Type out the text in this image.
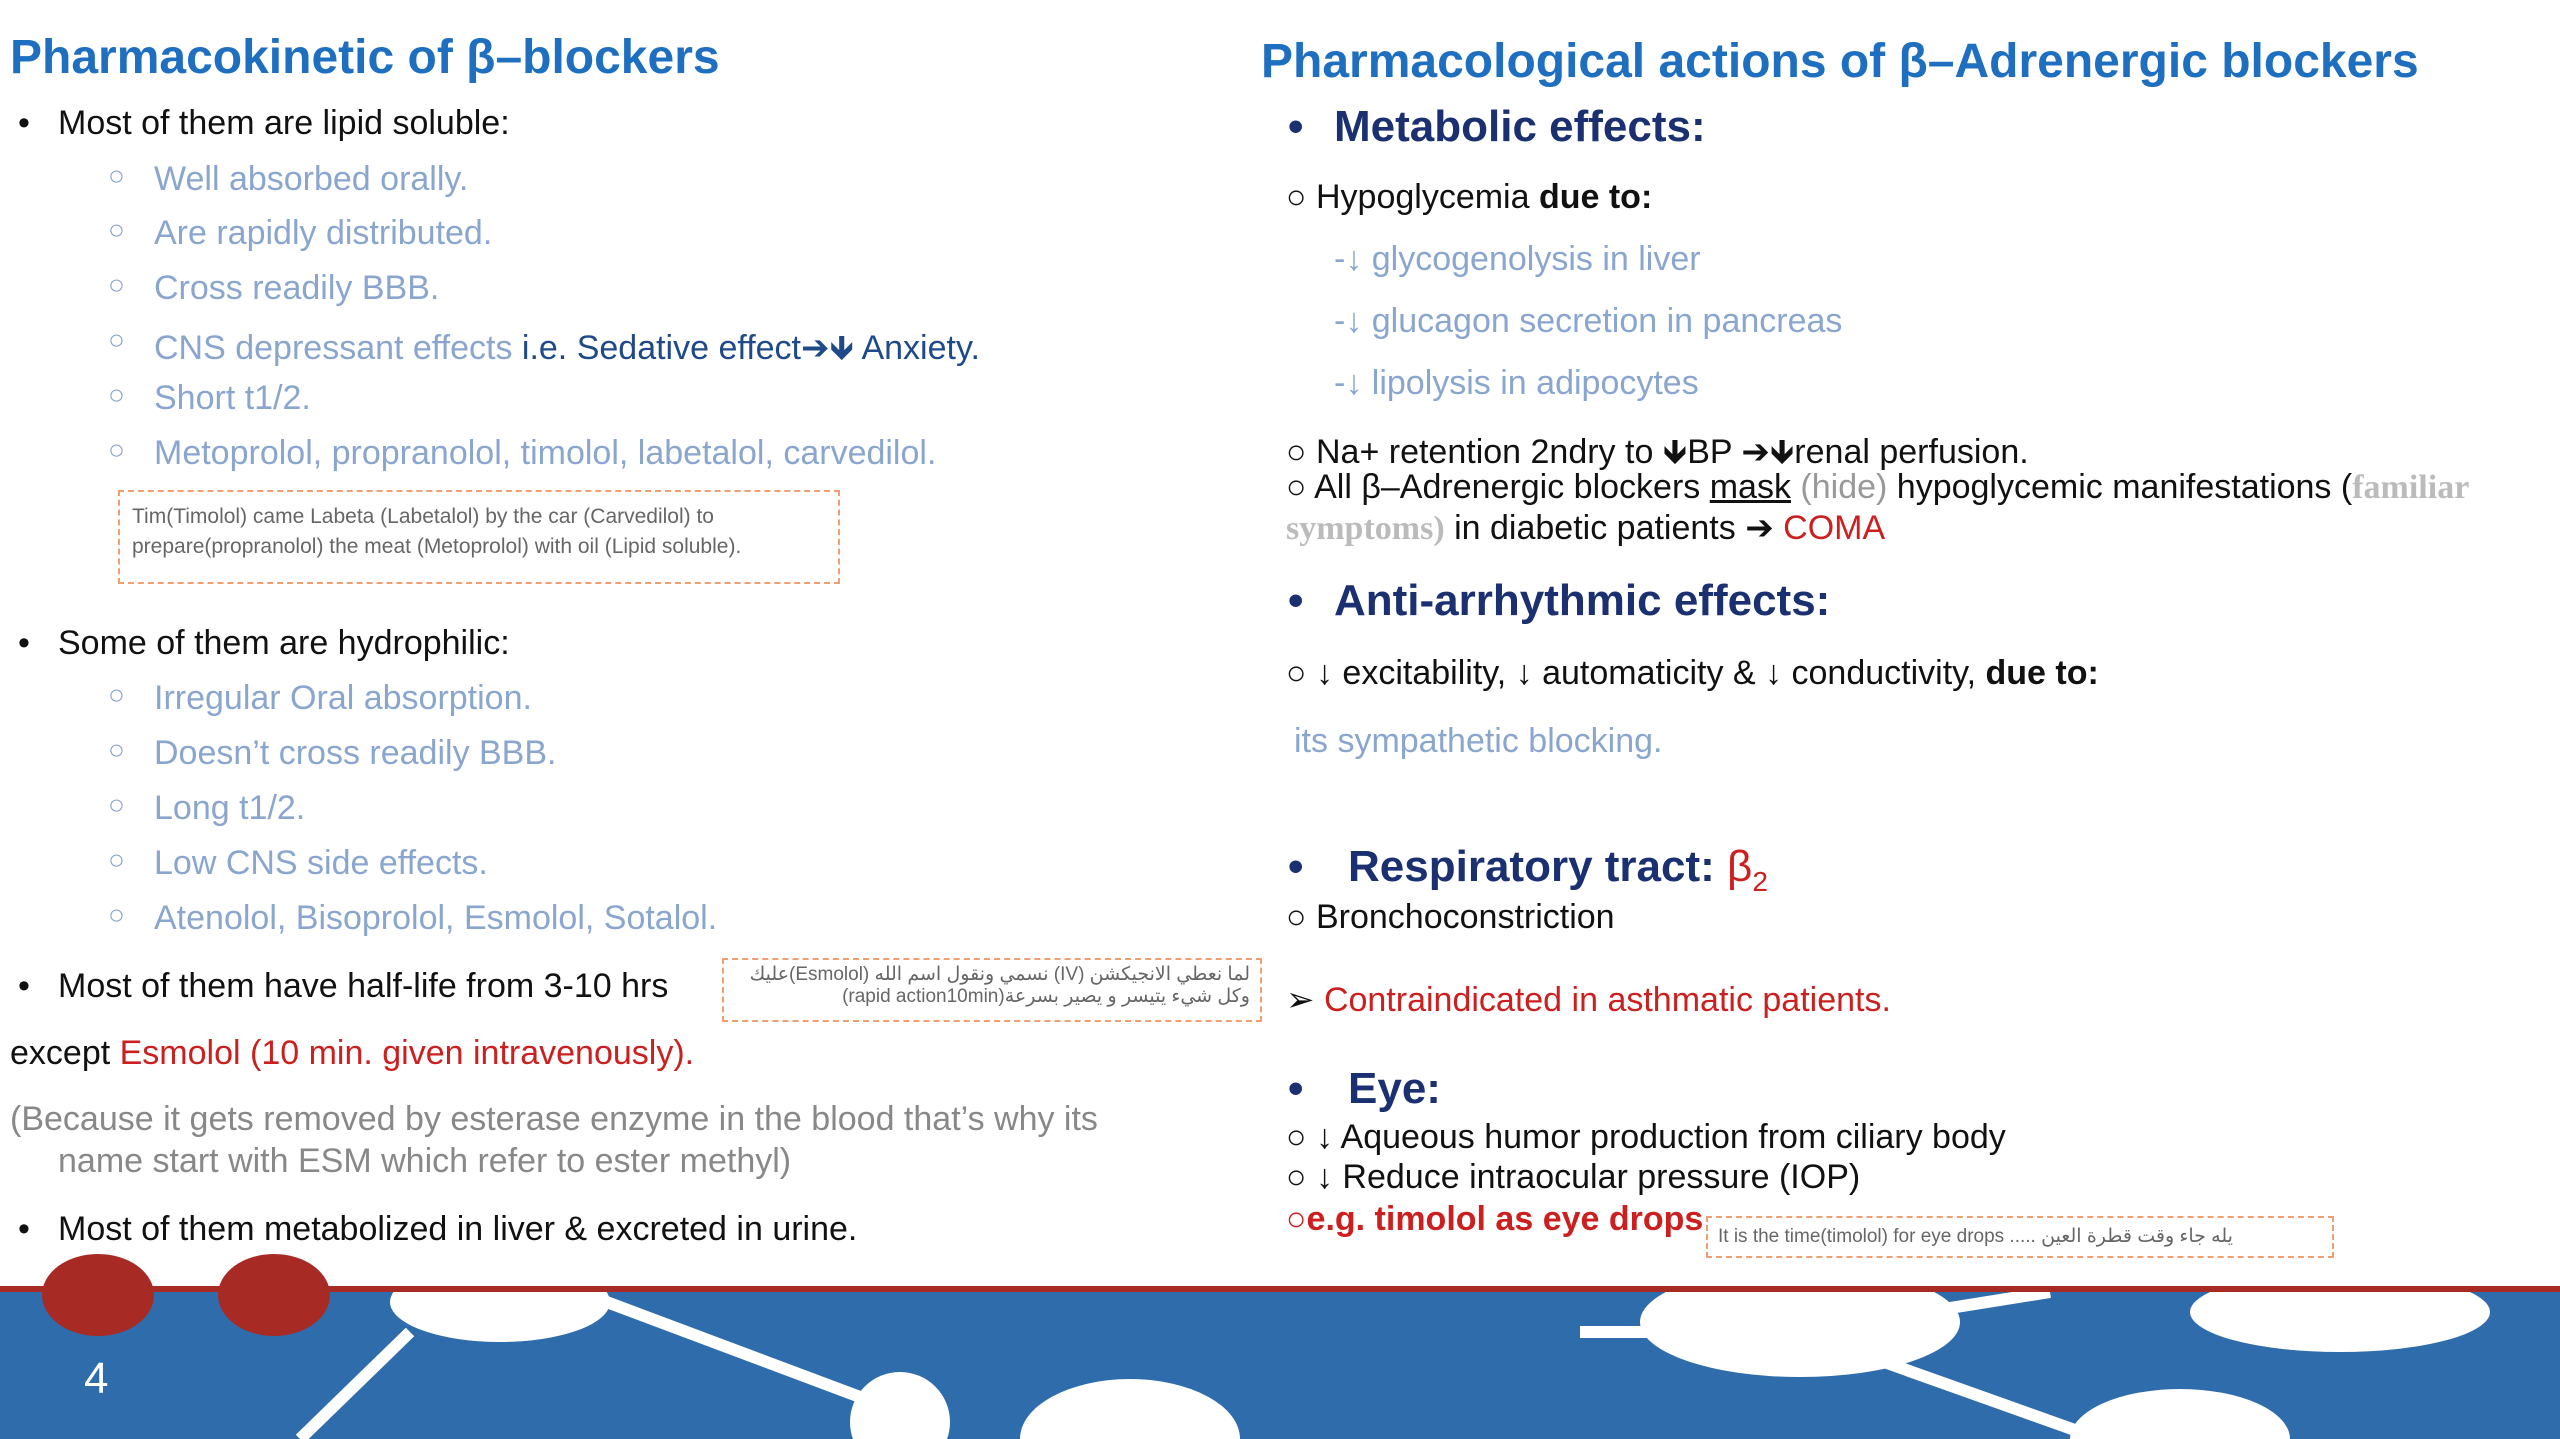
Pharmacokinetic of β–blockers
• Most of them are lipid soluble:
○ Well absorbed orally.
○ Are rapidly distributed.
○ Cross readily BBB.
○ CNS depressant effects i.e. Sedative effect➔🡻 Anxiety.
○ Short t1/2.
○ Metoprolol, propranolol, timolol, labetalol, carvedilol.
Tim(Timolol) came Labeta (Labetalol) by the car (Carvedilol) to
prepare(propranolol) the meat (Metoprolol) with oil (Lipid soluble).
• Some of them are hydrophilic:
○ Irregular Oral absorption.
○ Doesn’t cross readily BBB.
○ Long t1/2.
○ Low CNS side effects.
○ Atenolol, Bisoprolol, Esmolol, Sotalol.
• Most of them have half-life from 3-10 hrs	لما نعطي الانجيكشن (IV) نسمي ونقول اسم الله (Esmolol)عليك
وكل شيء يتيسر و يصير بسرعة(rapid action10min)
except Esmolol (10 min. given intravenously).
(Because it gets removed by esterase enzyme in the blood that’s why its
name start with ESM which refer to ester methyl)
• Most of them metabolized in liver & excreted in urine.
Pharmacological actions of β–Adrenergic blockers
• Metabolic effects:
○ Hypoglycemia due to:
-↓ glycogenolysis in liver
-↓ glucagon secretion in pancreas
-↓ lipolysis in adipocytes
○ Na+ retention 2ndry to 🡻BP ➔🡻renal perfusion.
○ All β–Adrenergic blockers mask (hide) hypoglycemic manifestations (familiar
symptoms) in diabetic patients ➔ COMA
• Anti-arrhythmic effects:
○ ↓ excitability, ↓ automaticity & ↓ conductivity, due to:
its sympathetic blocking.
• Respiratory tract: $\beta_2$
○ Bronchoconstriction
➢ Contraindicated in asthmatic patients.
• Eye:
○ ↓ Aqueous humor production from ciliary body
○ ↓ Reduce intraocular pressure (IOP)
○e.g. timolol as eye drops It is the time(timolol) for eye drops ..... يله جاء وقت قطرة العين
4
